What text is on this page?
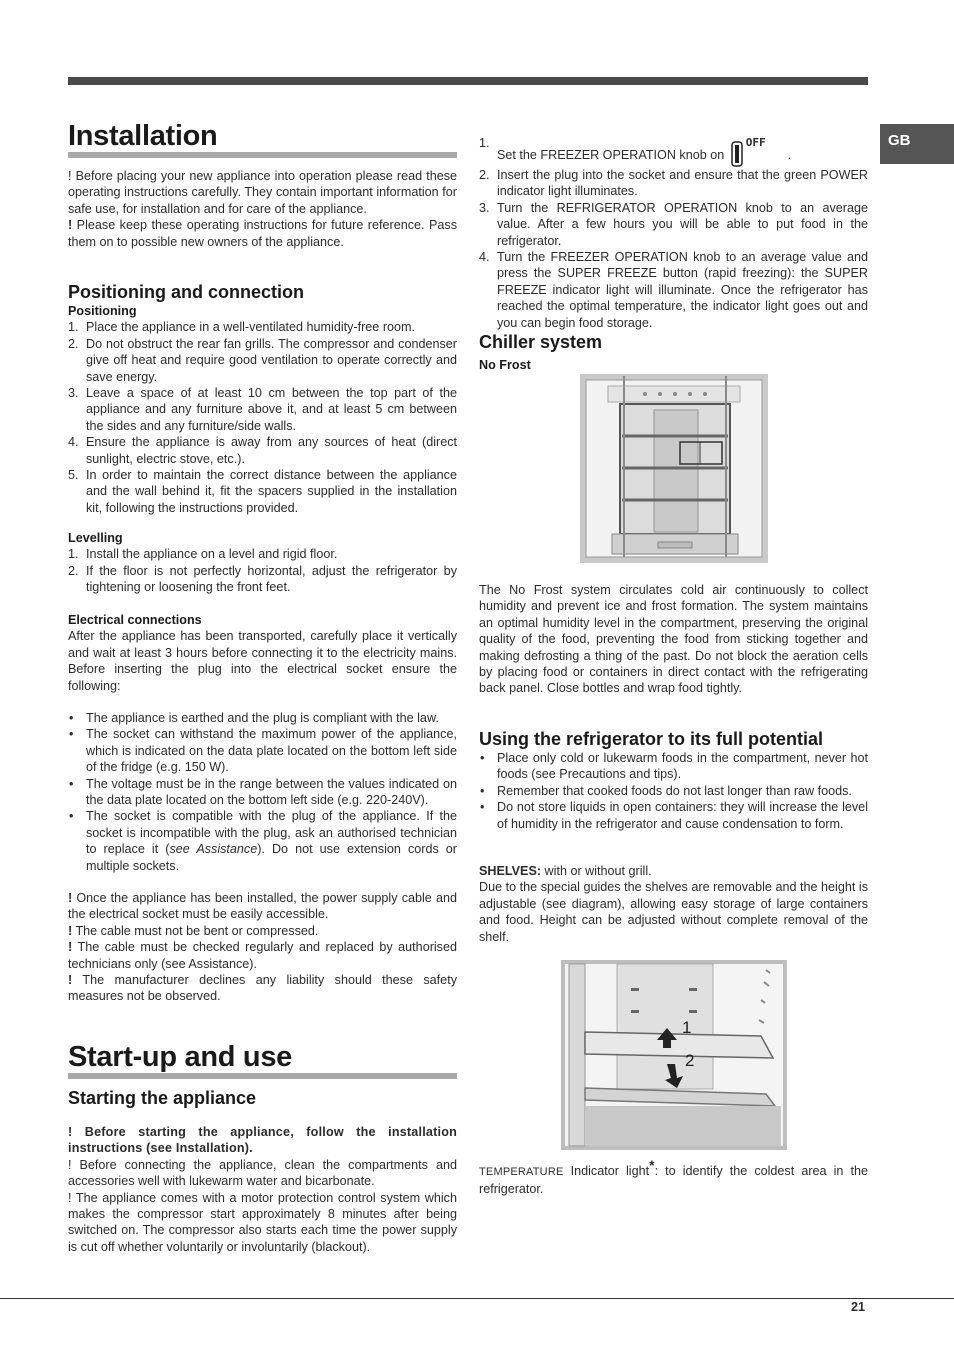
GB
Installation

! Before placing your new appliance into operation please read these operating instructions carefully. They contain important information for safe use, for installation and for care of the appliance.

! Please keep these operating instructions for future reference. Pass them on to possible new owners of the appliance.

Positioning and connection
Positioning
1. Place the appliance in a well-ventilated humidity-free room.
2. Do not obstruct the rear fan grills. The compressor and condenser give off heat and require good ventilation to operate correctly and save energy.
3. Leave a space of at least 10 cm between the top part of the appliance and any furniture above it, and at least 5 cm between the sides and any furniture/side walls.
4. Ensure the appliance is away from any sources of heat (direct sunlight, electric stove, etc.).
5. In order to maintain the correct distance between the appliance and the wall behind it, fit the spacers supplied in the installation kit, following the instructions provided.
Levelling
1. Install the appliance on a level and rigid floor.
2. If the floor is not perfectly horizontal, adjust the refrigerator by tightening or loosening the front feet.
Electrical connections

After the appliance has been transported, carefully place it vertically and wait at least 3 hours before connecting it to the electricity mains. Before inserting the plug into the electrical socket ensure the following:

• The appliance is earthed and the plug is compliant with the law.
• The socket can withstand the maximum power of the appliance, which is indicated on the data plate located on the bottom left side of the fridge (e.g. 150 W).
• The voltage must be in the range between the values indicated on the data plate located on the bottom left side (e.g. 220-240V).
• The socket is compatible with the plug of the appliance. If the socket is incompatible with the plug, ask an authorised technician to replace it (see Assistance). Do not use extension cords or multiple sockets.

! Once the appliance has been installed, the power supply cable and the electrical socket must be easily accessible.

! The cable must not be bent or compressed.

! The cable must be checked regularly and replaced by authorised technicians only (see Assistance).

! The manufacturer declines any liability should these safety measures not be observed.

Start-up and use
Starting the appliance

! Before starting the appliance, follow the installation instructions (see Installation).

! Before connecting the appliance, clean the compartments and accessories well with lukewarm water and bicarbonate.

! The appliance comes with a motor protection control system which makes the compressor start approximately 8 minutes after being switched on. The compressor also starts each time the power supply is cut off whether voluntarily or involuntarily (blackout).

1.
Set the FREEZER OPERATION knob on OFF.
2. Insert the plug into the socket and ensure that the green POWER indicator light illuminates.
3. Turn the REFRIGERATOR OPERATION knob to an average value. After a few hours you will be able to put food in the refrigerator.
4. Turn the FREEZER OPERATION knob to an average value and press the SUPER FREEZE button (rapid freezing): the SUPER FREEZE indicator light will illuminate. Once the refrigerator has reached the optimal temperature, the indicator light goes out and you can begin food storage.
Chiller system
No Frost

The No Frost system circulates cold air continuously to collect humidity and prevent ice and frost formation. The system maintains an optimal humidity level in the compartment, preserving the original quality of the food, preventing the food from sticking together and making defrosting a thing of the past. Do not block the aeration cells by placing food or containers in direct contact with the refrigerating back panel. Close bottles and wrap food tightly.

Using the refrigerator to its full potential
• Place only cold or lukewarm foods in the compartment, never hot foods (see Precautions and tips).
• Remember that cooked foods do not last longer than raw foods.
• Do not store liquids in open containers: they will increase the level of humidity in the refrigerator and cause condensation to form.

SHELVES: with or without grill.

Due to the special guides the shelves are removable and the height is adjustable (see diagram), allowing easy storage of large containers and food. Height can be adjusted without complete removal of the shelf.

1
2

TEMPERATURE Indicator light*: to identify the coldest area in the refrigerator.

21
